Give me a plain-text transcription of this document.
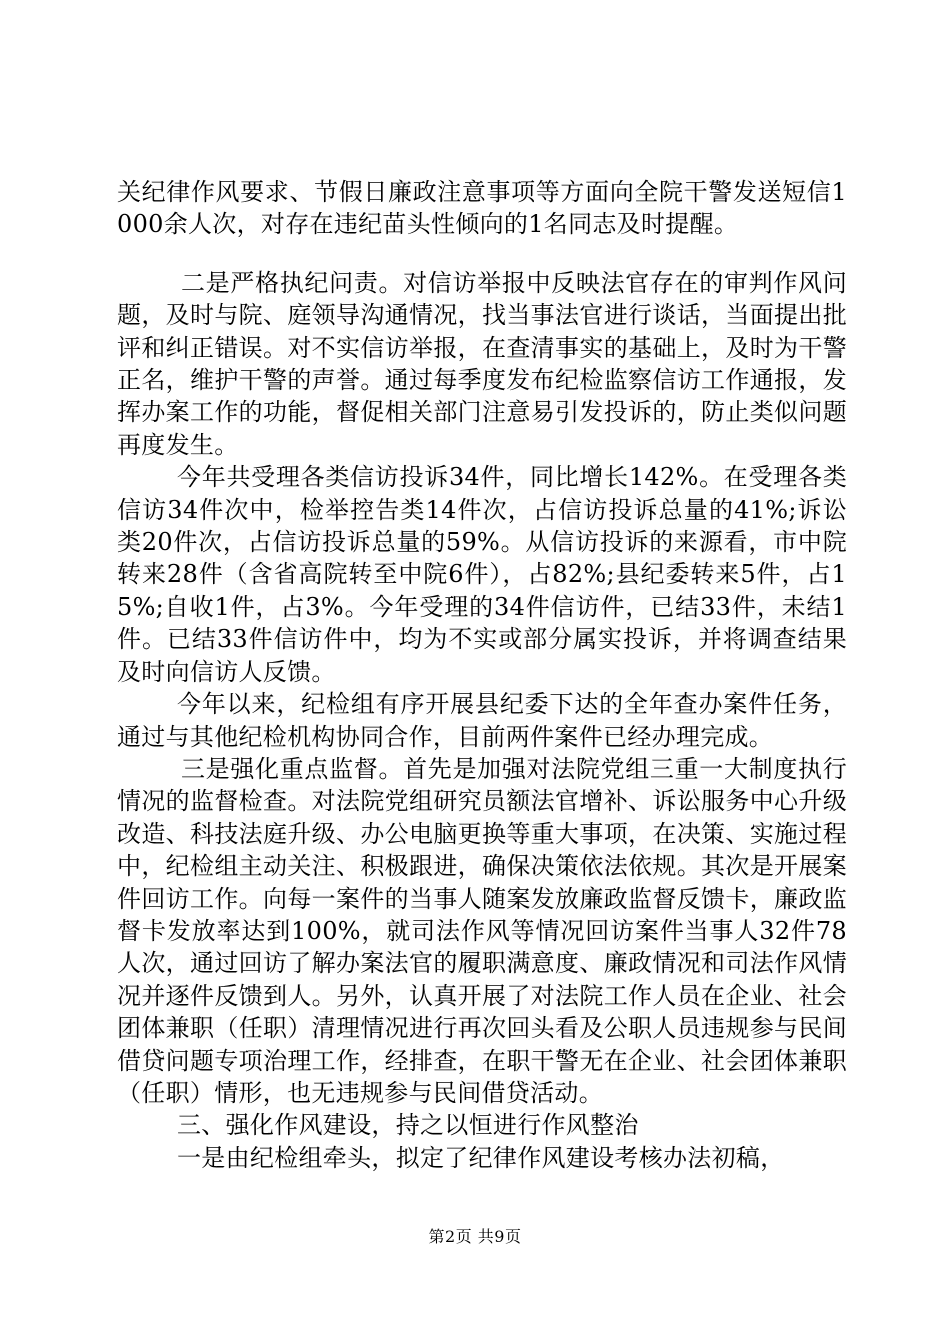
关纪律作风要求、节假日廉政注意事项等方面向全院干警发送短信1000余人次，对存在违纪苗头性倾向的1名同志及时提醒。

二是严格执纪问责。对信访举报中反映法官存在的审判作风问题，及时与院、庭领导沟通情况，找当事法官进行谈话，当面提出批评和纠正错误。对不实信访举报，在查清事实的基础上，及时为干警正名，维护干警的声誉。通过每季度发布纪检监察信访工作通报，发挥办案工作的功能，督促相关部门注意易引发投诉的，防止类似问题再度发生。

今年共受理各类信访投诉34件，同比增长142%。在受理各类信访34件次中，检举控告类14件次，占信访投诉总量的41%;诉讼类20件次，占信访投诉总量的59%。从信访投诉的来源看，市中院转来28件（含省高院转至中院6件），占82%;县纪委转来5件，占15%;自收1件，占3%。今年受理的34件信访件，已结33件，未结1件。已结33件信访件中，均为不实或部分属实投诉，并将调查结果及时向信访人反馈。

今年以来，纪检组有序开展县纪委下达的全年查办案件任务，通过与其他纪检机构协同合作，目前两件案件已经办理完成。

三是强化重点监督。首先是加强对法院党组三重一大制度执行情况的监督检查。对法院党组研究员额法官增补、诉讼服务中心升级改造、科技法庭升级、办公电脑更换等重大事项，在决策、实施过程中，纪检组主动关注、积极跟进，确保决策依法依规。其次是开展案件回访工作。向每一案件的当事人随案发放廉政监督反馈卡，廉政监督卡发放率达到100%，就司法作风等情况回访案件当事人32件78人次，通过回访了解办案法官的履职满意度、廉政情况和司法作风情况并逐件反馈到人。另外，认真开展了对法院工作人员在企业、社会团体兼职（任职）清理情况进行再次回头看及公职人员违规参与民间借贷问题专项治理工作，经排查，在职干警无在企业、社会团体兼职（任职）情形，也无违规参与民间借贷活动。

三、强化作风建设，持之以恒进行作风整治

一是由纪检组牵头，拟定了纪律作风建设考核办法初稿，

第2页 共9页
